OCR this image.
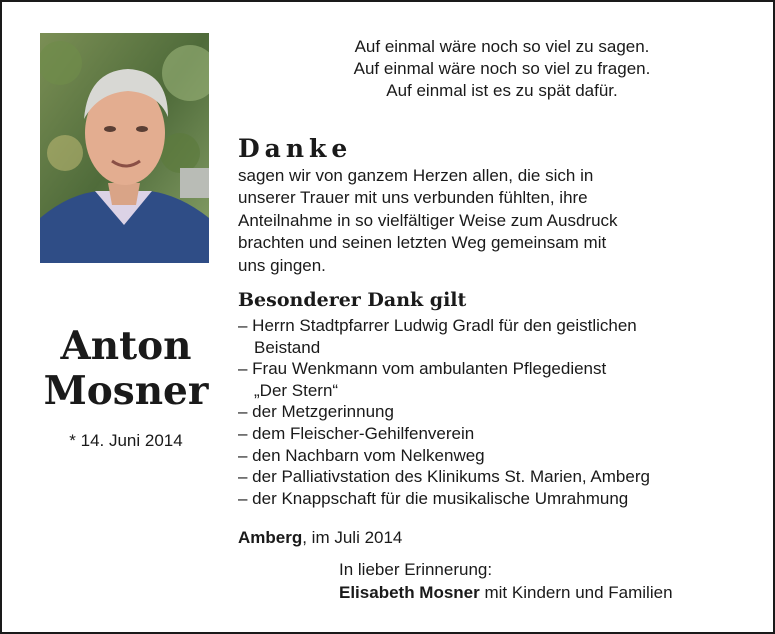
Anton
Mosner
* 14. Juni 2014
Auf einmal wäre noch so viel zu sagen.
Auf einmal wäre noch so viel zu fragen.
Auf einmal ist es zu spät dafür.
Danke
sagen wir von ganzem Herzen allen, die sich in
unserer Trauer mit uns verbunden fühlten, ihre
Anteilnahme in so vielfältiger Weise zum Ausdruck
brachten und seinen letzten Weg gemeinsam mit
uns gingen.
Besonderer Dank gilt
– Herrn Stadtpfarrer Ludwig Gradl für den geistlichen
Beistand
– Frau Wenkmann vom ambulanten Pflegedienst
„Der Stern“
– der Metzgerinnung
– dem Fleischer-Gehilfenverein
– den Nachbarn vom Nelkenweg
– der Palliativstation des Klinikums St. Marien, Amberg
– der Knappschaft für die musikalische Umrahmung
Amberg, im Juli 2014
In lieber Erinnerung:
Elisabeth Mosner mit Kindern und Familien
